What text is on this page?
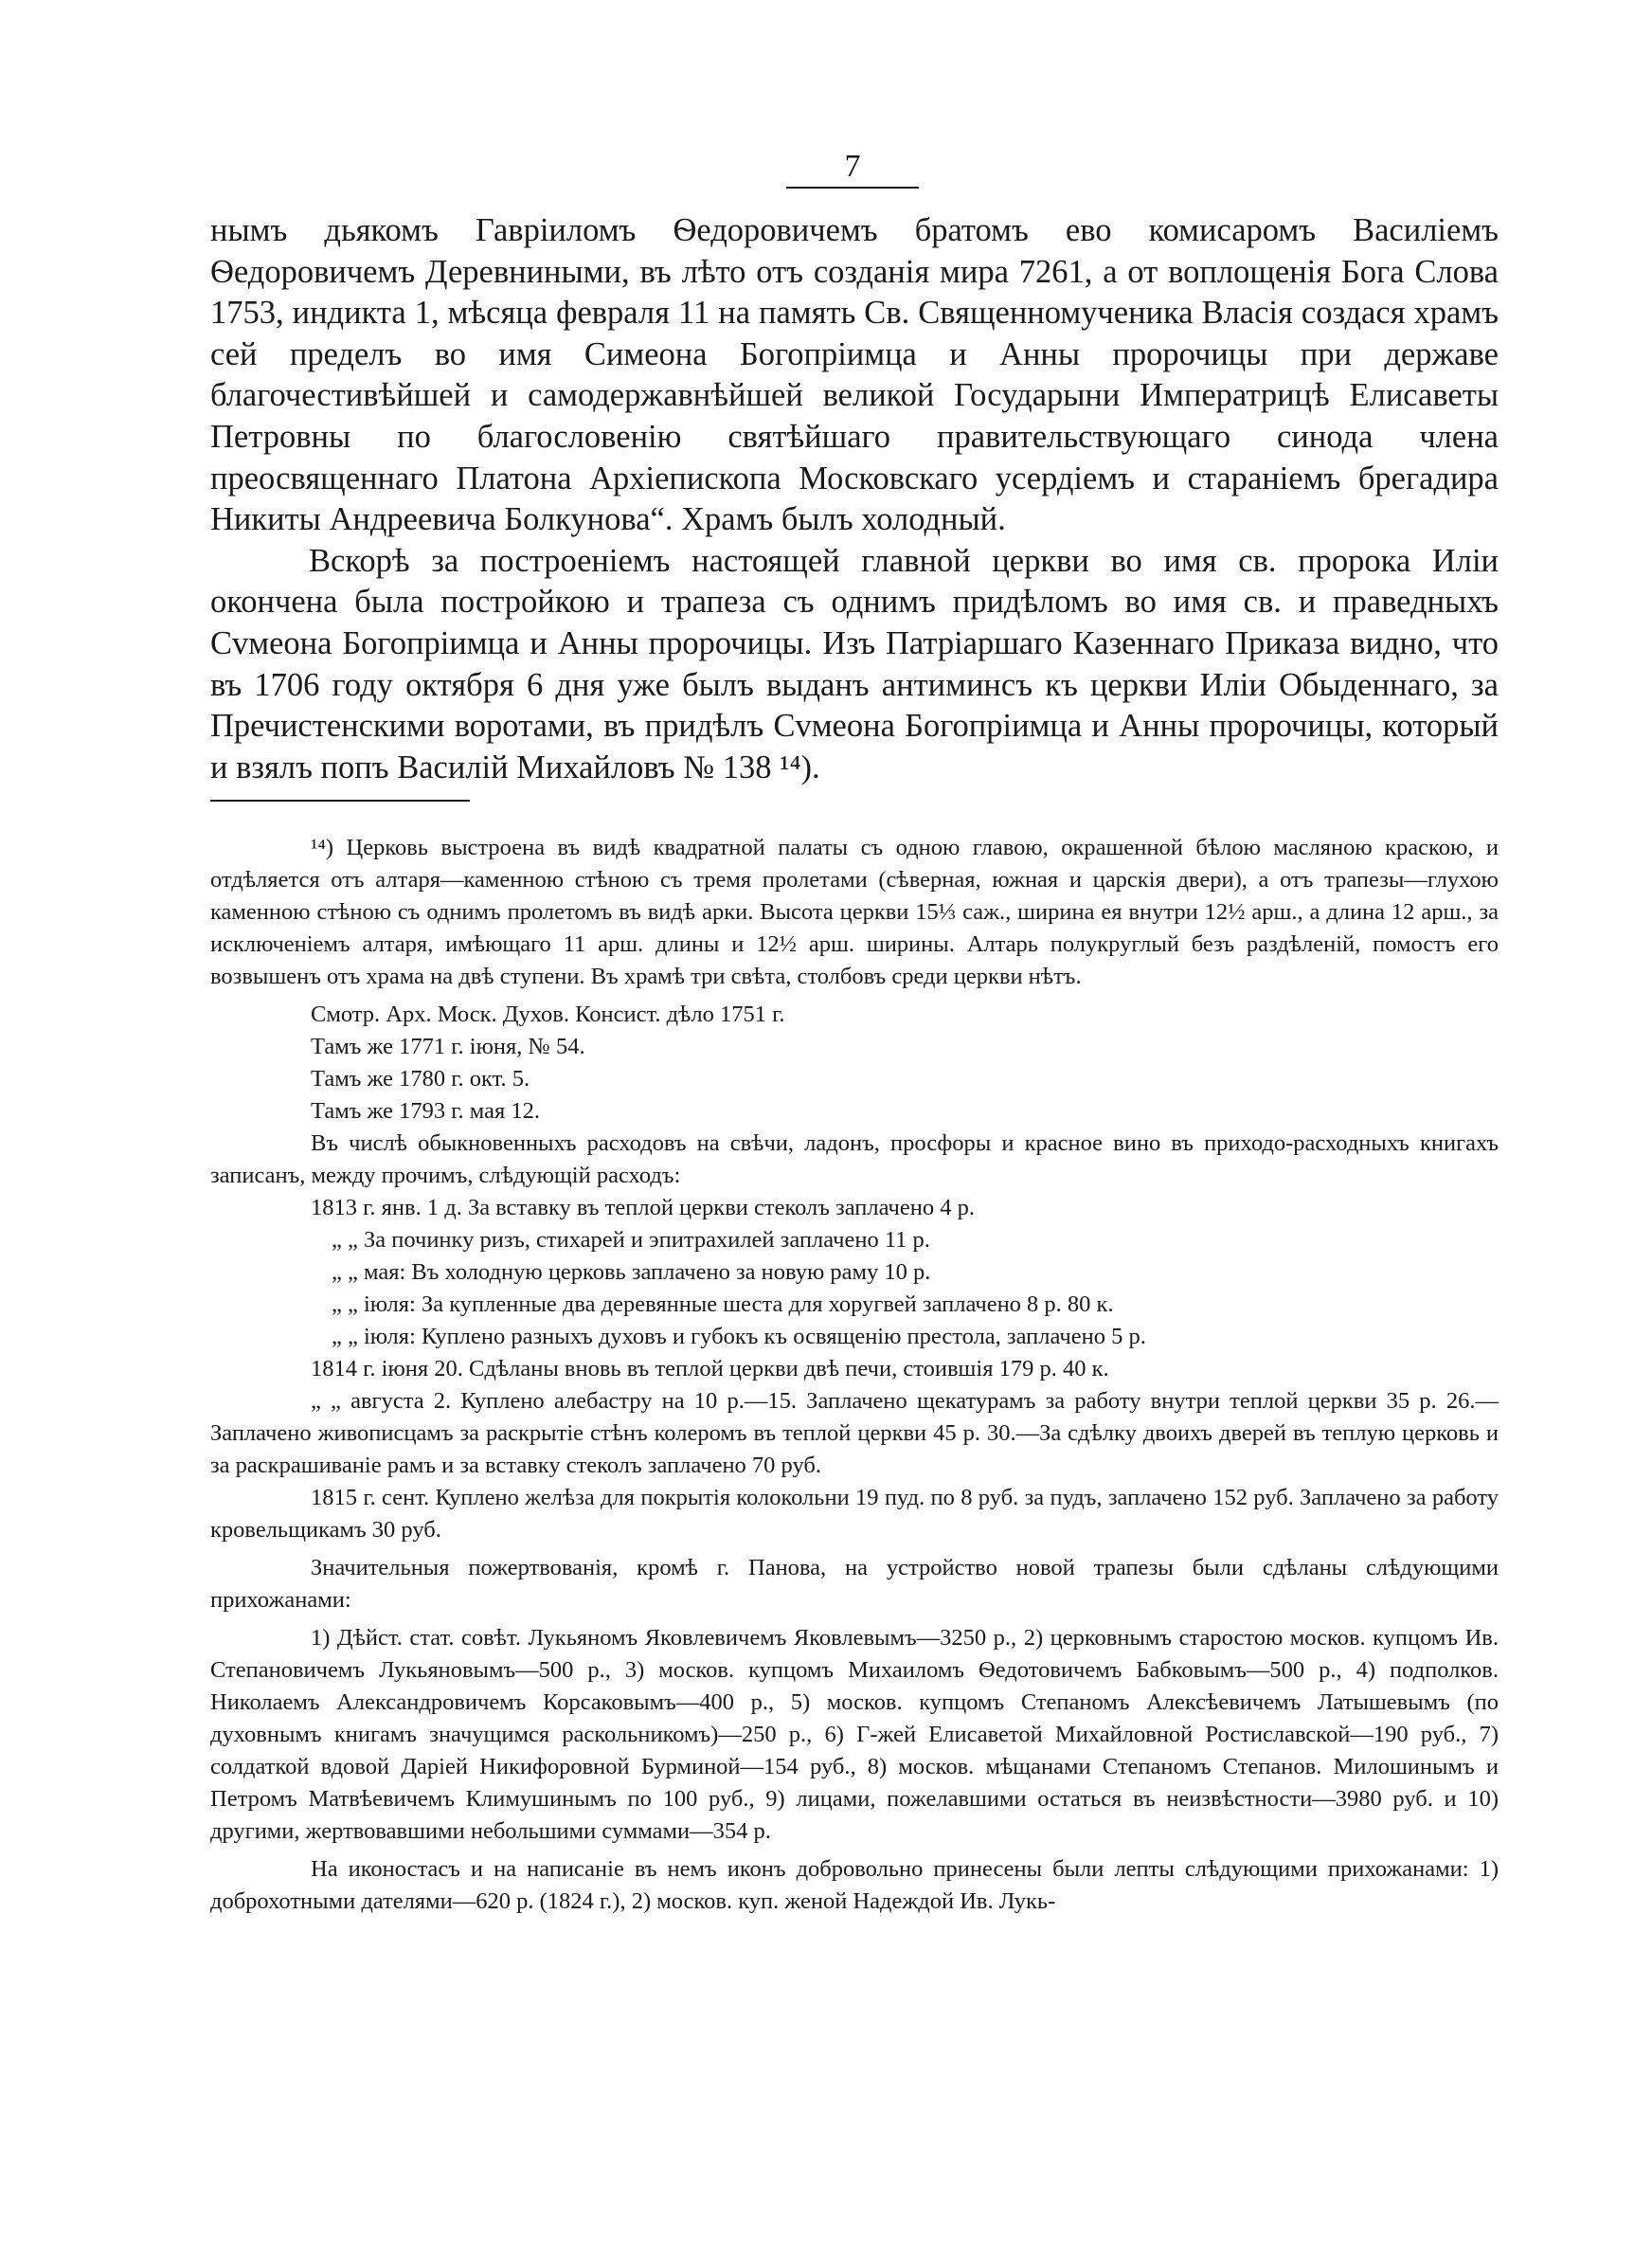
7

нымъ дьякомъ Гавріиломъ Ѳедоровичемъ братомъ ево комисаромъ Василіемъ Ѳедоровичемъ Деревниными, въ лѣто отъ созданія мира 7261, а от воплощенія Бога Слова 1753, индикта 1, мѣсяца февраля 11 на память Св. Священномученика Власія создася храмъ сей пределъ во имя Симеона Богопріимца и Анны пророчицы при державе благочестивѣйшей и самодержавнѣйшей великой Государыни Императрицѣ Елисаветы Петровны по благословенію святѣйшаго правительствующаго синода члена преосвященнаго Платона Архіепископа Московскаго усердіемъ и стараніемъ брегадира Никиты Андреевича Болкунова“. Храмъ былъ холодный.

Вскорѣ за построеніемъ настоящей главной церкви во имя св. пророка Иліи окончена была постройкою и трапеза съ однимъ придѣломъ во имя св. и праведныхъ Сvмеона Богопріимца и Анны пророчицы. Изъ Патріаршаго Казеннаго Приказа видно, что въ 1706 году октября 6 дня уже былъ выданъ антиминсъ къ церкви Иліи Обыденнаго, за Пречистенскими воротами, въ придѣлъ Сvмеона Богопріимца и Анны пророчицы, который и взялъ попъ Василій Михайловъ № 138 ¹⁴).

¹⁴) Церковь выстроена въ видѣ квадратной палаты съ одною главою, окрашенной бѣлою масляною краскою, и отдѣляется отъ алтаря—каменною стѣною съ тремя пролетами (сѣверная, южная и царскія двери), а отъ трапезы—глухою каменною стѣною съ однимъ пролетомъ въ видѣ арки. Высота церкви 15⅓ саж., ширина ея внутри 12½ арш., а длина 12 арш., за исключеніемъ алтаря, имѣющаго 11 арш. длины и 12½ арш. ширины. Алтарь полукруглый безъ раздѣленій, помостъ его возвышенъ отъ храма на двѣ ступени. Въ храмѣ три свѣта, столбовъ среди церкви нѣтъ.

Смотр. Арх. Моск. Духов. Консист. дѣло 1751 г.

Тамъ же 1771 г. іюня, № 54.

Тамъ же 1780 г. окт. 5.

Тамъ же 1793 г. мая 12.

Въ числѣ обыкновенныхъ расходовъ на свѣчи, ладонъ, просфоры и красное вино въ приходо-расходныхъ книгахъ записанъ, между прочимъ, слѣдующій расходъ:

1813 г. янв. 1 д. За вставку въ теплой церкви стеколъ заплачено 4 р.

„ „ За починку ризъ, стихарей и эпитрахилей заплачено 11 р.

„ „ мая: Въ холодную церковь заплачено за новую раму 10 р.

„ „ іюля: За купленные два деревянные шеста для хоругвей заплачено 8 р. 80 к.

„ „ іюля: Куплено разныхъ духовъ и губокъ къ освященію престола, заплачено 5 р.

1814 г. іюня 20. Сдѣланы вновь въ теплой церкви двѣ печи, стоившія 179 р. 40 к.

„ „ августа 2. Куплено алебастру на 10 р.—15. Заплачено щекатурамъ за работу внутри теплой церкви 35 р. 26.—Заплачено живописцамъ за раскрытіе стѣнъ колеромъ въ теплой церкви 45 р. 30.—За сдѣлку двоихъ дверей въ теплую церковь и за раскрашиваніе рамъ и за вставку стеколъ заплачено 70 руб.

1815 г. сент. Куплено желѣза для покрытія колокольни 19 пуд. по 8 руб. за пудъ, заплачено 152 руб. Заплачено за работу кровельщикамъ 30 руб.

Значительныя пожертвованія, кромѣ г. Панова, на устройство новой трапезы были сдѣланы слѣдующими прихожанами:

1) Дѣйст. стат. совѣт. Лукьяномъ Яковлевичемъ Яковлевымъ—3250 р., 2) церковнымъ старостою москов. купцомъ Ив. Степановичемъ Лукьяновымъ—500 р., 3) москов. купцомъ Михаиломъ Ѳедотовичемъ Бабковымъ—500 р., 4) подполков. Николаемъ Александровичемъ Корсаковымъ—400 р., 5) москов. купцомъ Степаномъ Алексѣевичемъ Латышевымъ (по духовнымъ книгамъ значущимся раскольникомъ)—250 р., 6) Г-жей Елисаветой Михайловной Ростиславской—190 руб., 7) солдаткой вдовой Даріей Никифоровной Бурминой—154 руб., 8) москов. мѣщанами Степаномъ Степанов. Милошинымъ и Петромъ Матвѣевичемъ Климушинымъ по 100 руб., 9) лицами, пожелавшими остаться въ неизвѣстности—3980 руб. и 10) другими, жертвовавшими небольшими суммами—354 р.

На иконостасъ и на написаніе въ немъ иконъ добровольно принесены были лепты слѣдующими прихожанами: 1) доброхотными дателями—620 р. (1824 г.), 2) москов. куп. женой Надеждой Ив. Лукь-
